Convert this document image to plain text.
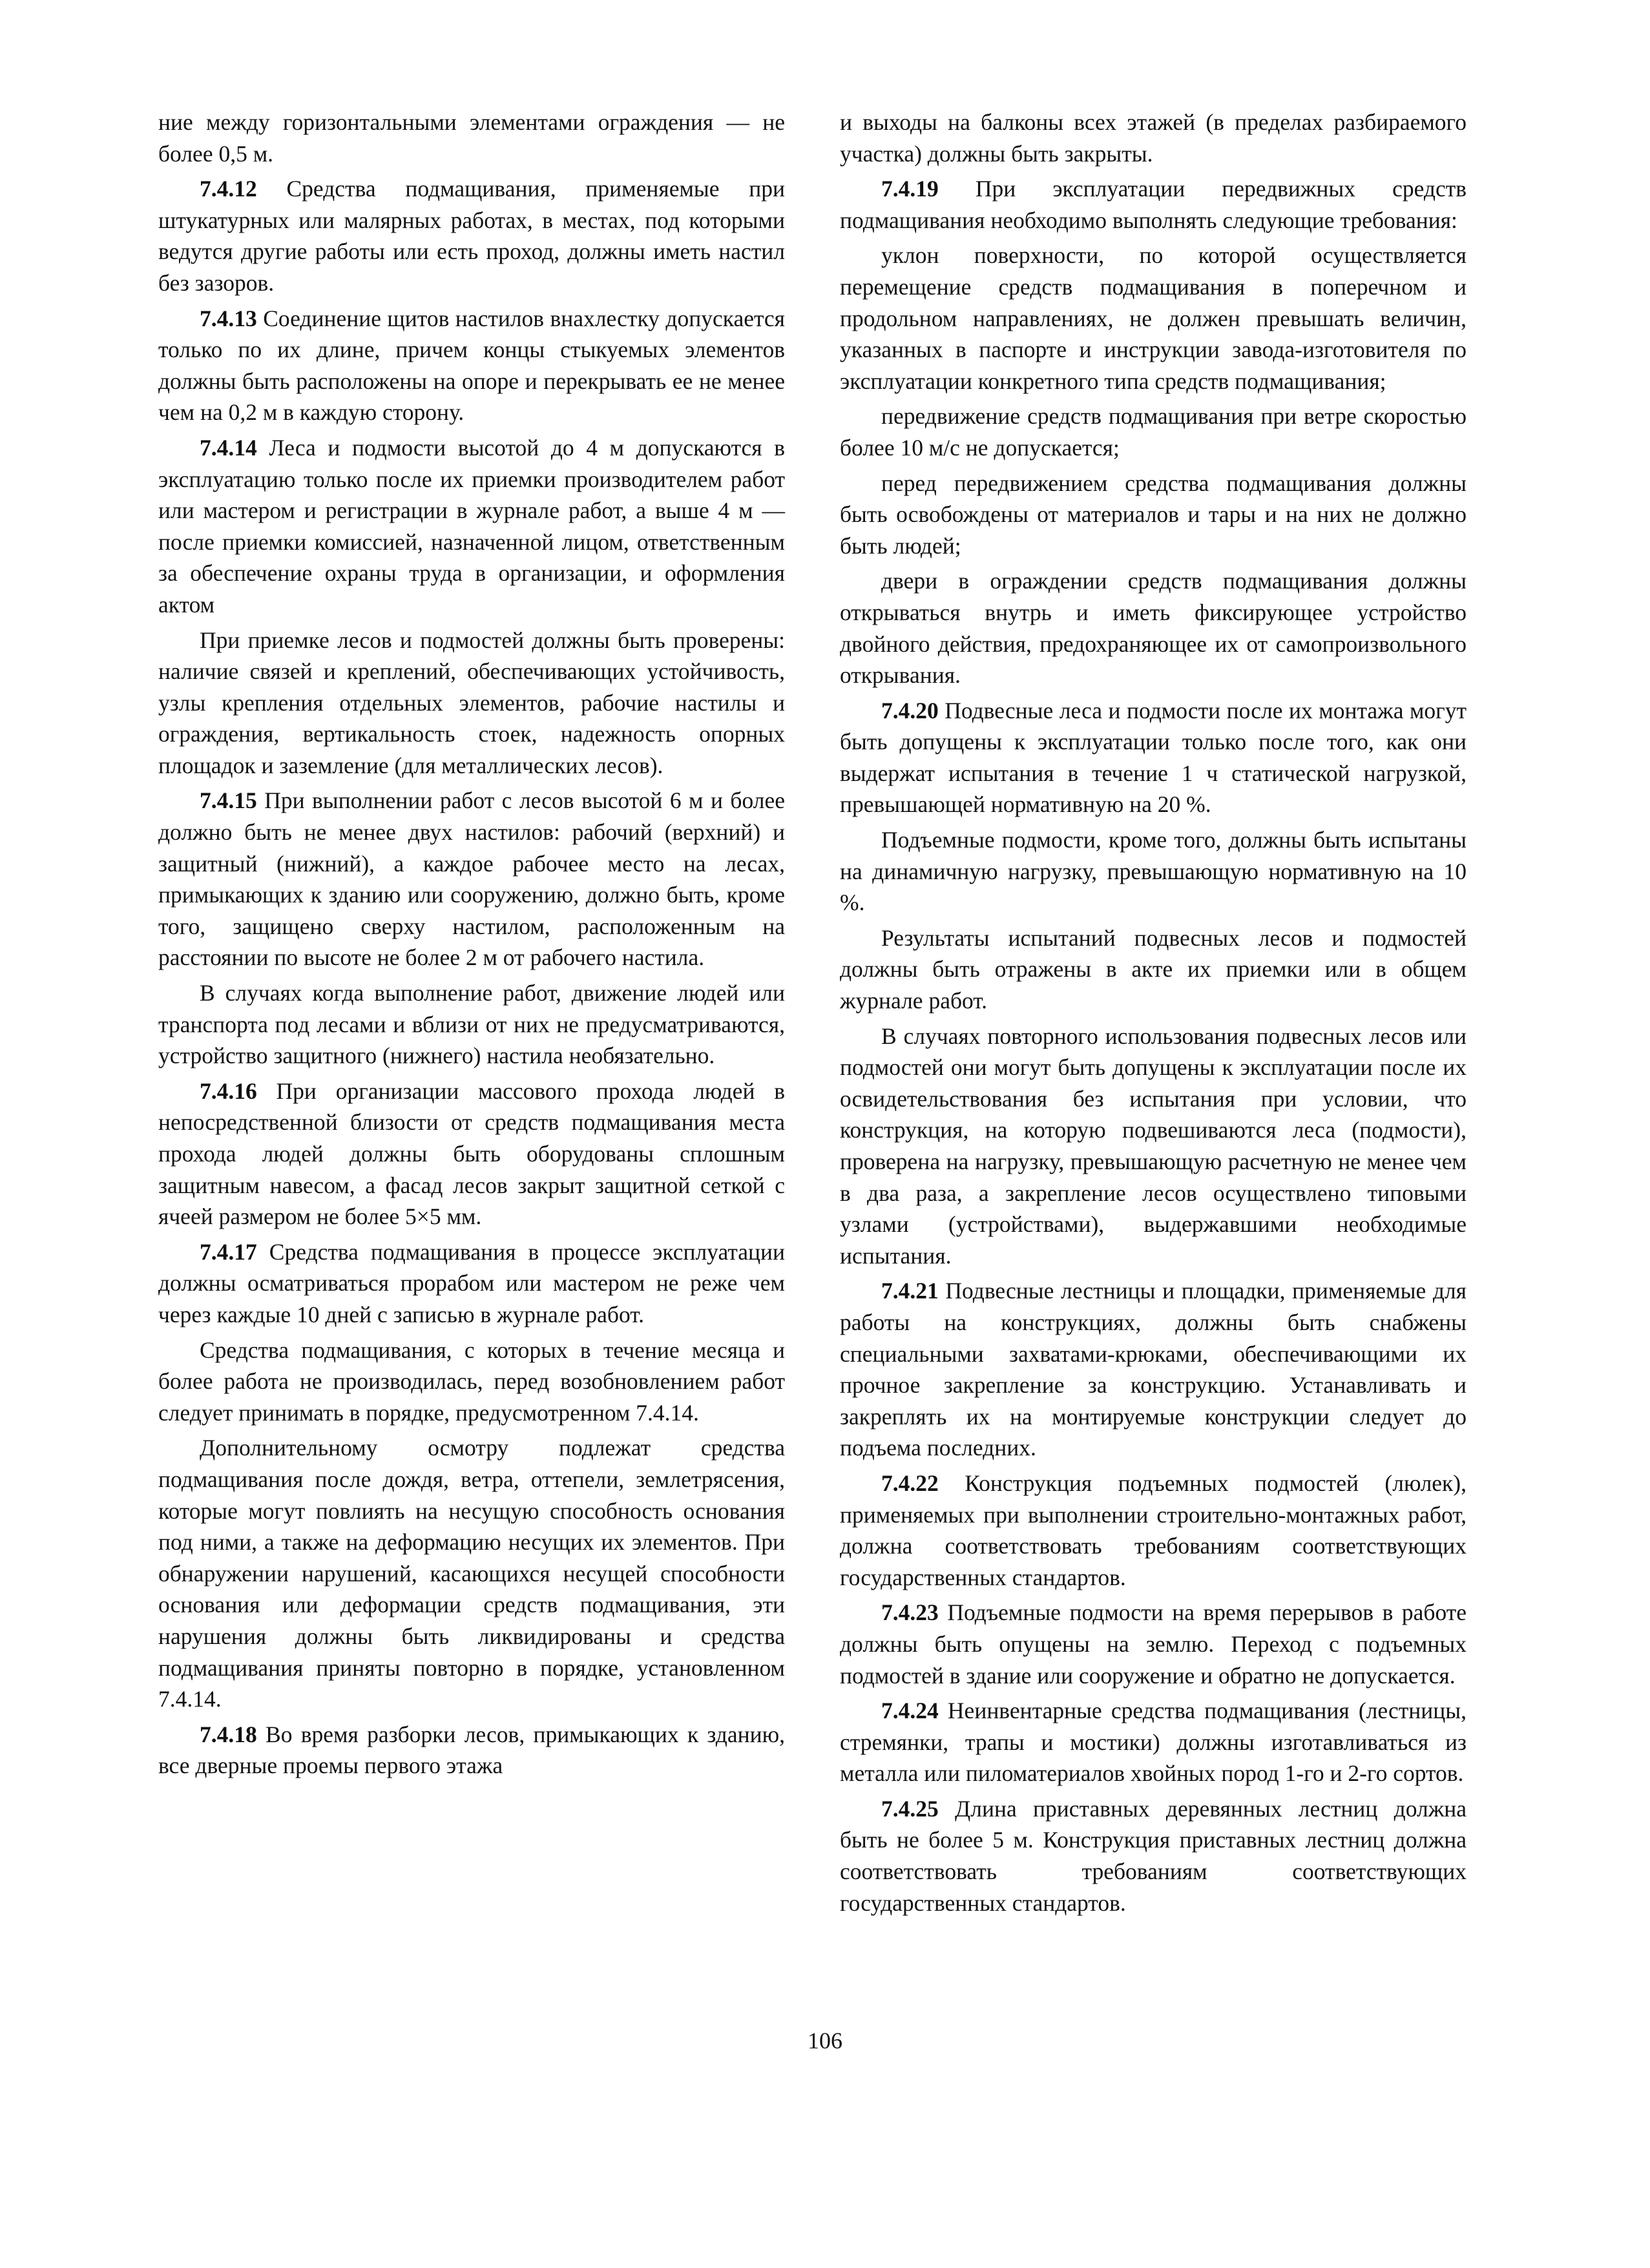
ние между горизонтальными элементами ограждения — не более 0,5 м.

7.4.12 Средства подмащивания, применяемые при штукатурных или малярных работах, в местах, под которыми ведутся другие работы или есть проход, должны иметь настил без зазоров.

7.4.13 Соединение щитов настилов внахлестку допускается только по их длине, причем концы стыкуемых элементов должны быть расположены на опоре и перекрывать ее не менее чем на 0,2 м в каждую сторону.

7.4.14 Леса и подмости высотой до 4 м допускаются в эксплуатацию только после их приемки производителем работ или мастером и регистрации в журнале работ, а выше 4 м — после приемки комиссией, назначенной лицом, ответственным за обеспечение охраны труда в организации, и оформления актом

При приемке лесов и подмостей должны быть проверены: наличие связей и креплений, обеспечивающих устойчивость, узлы крепления отдельных элементов, рабочие настилы и ограждения, вертикальность стоек, надежность опорных площадок и заземление (для металлических лесов).

7.4.15 При выполнении работ с лесов высотой 6 м и более должно быть не менее двух настилов: рабочий (верхний) и защитный (нижний), а каждое рабочее место на лесах, примыкающих к зданию или сооружению, должно быть, кроме того, защищено сверху настилом, расположенным на расстоянии по высоте не более 2 м от рабочего настила.

В случаях когда выполнение работ, движение людей или транспорта под лесами и вблизи от них не предусматриваются, устройство защитного (нижнего) настила необязательно.

7.4.16 При организации массового прохода людей в непосредственной близости от средств подмащивания места прохода людей должны быть оборудованы сплошным защитным навесом, а фасад лесов закрыт защитной сеткой с ячеей размером не более 5×5 мм.

7.4.17 Средства подмащивания в процессе эксплуатации должны осматриваться прорабом или мастером не реже чем через каждые 10 дней с записью в журнале работ.

Средства подмащивания, с которых в течение месяца и более работа не производилась, перед возобновлением работ следует принимать в порядке, предусмотренном 7.4.14.

Дополнительному осмотру подлежат средства подмащивания после дождя, ветра, оттепели, землетрясения, которые могут повлиять на несущую способность основания под ними, а также на деформацию несущих их элементов. При обнаружении нарушений, касающихся несущей способности основания или деформации средств подмащивания, эти нарушения должны быть ликвидированы и средства подмащивания приняты повторно в порядке, установленном 7.4.14.

7.4.18 Во время разборки лесов, примыкающих к зданию, все дверные проемы первого этажа

и выходы на балконы всех этажей (в пределах разбираемого участка) должны быть закрыты.

7.4.19 При эксплуатации передвижных средств подмащивания необходимо выполнять следующие требования:

уклон поверхности, по которой осуществляется перемещение средств подмащивания в поперечном и продольном направлениях, не должен превышать величин, указанных в паспорте и инструкции завода-изготовителя по эксплуатации конкретного типа средств подмащивания;

передвижение средств подмащивания при ветре скоростью более 10 м/с не допускается;

перед передвижением средства подмащивания должны быть освобождены от материалов и тары и на них не должно быть людей;

двери в ограждении средств подмащивания должны открываться внутрь и иметь фиксирующее устройство двойного действия, предохраняющее их от самопроизвольного открывания.

7.4.20 Подвесные леса и подмости после их монтажа могут быть допущены к эксплуатации только после того, как они выдержат испытания в течение 1 ч статической нагрузкой, превышающей нормативную на 20 %.

Подъемные подмости, кроме того, должны быть испытаны на динамичную нагрузку, превышающую нормативную на 10 %.

Результаты испытаний подвесных лесов и подмостей должны быть отражены в акте их приемки или в общем журнале работ.

В случаях повторного использования подвесных лесов или подмостей они могут быть допущены к эксплуатации после их освидетельствования без испытания при условии, что конструкция, на которую подвешиваются леса (подмости), проверена на нагрузку, превышающую расчетную не менее чем в два раза, а закрепление лесов осуществлено типовыми узлами (устройствами), выдержавшими необходимые испытания.

7.4.21 Подвесные лестницы и площадки, применяемые для работы на конструкциях, должны быть снабжены специальными захватами-крюками, обеспечивающими их прочное закрепление за конструкцию. Устанавливать и закреплять их на монтируемые конструкции следует до подъема последних.

7.4.22 Конструкция подъемных подмостей (люлек), применяемых при выполнении строительно-монтажных работ, должна соответствовать требованиям соответствующих государственных стандартов.

7.4.23 Подъемные подмости на время перерывов в работе должны быть опущены на землю. Переход с подъемных подмостей в здание или сооружение и обратно не допускается.

7.4.24 Неинвентарные средства подмащивания (лестницы, стремянки, трапы и мостики) должны изготавливаться из металла или пиломатериалов хвойных пород 1-го и 2-го сортов.

7.4.25 Длина приставных деревянных лестниц должна быть не более 5 м. Конструкция приставных лестниц должна соответствовать требованиям соответствующих государственных стандартов.

106
